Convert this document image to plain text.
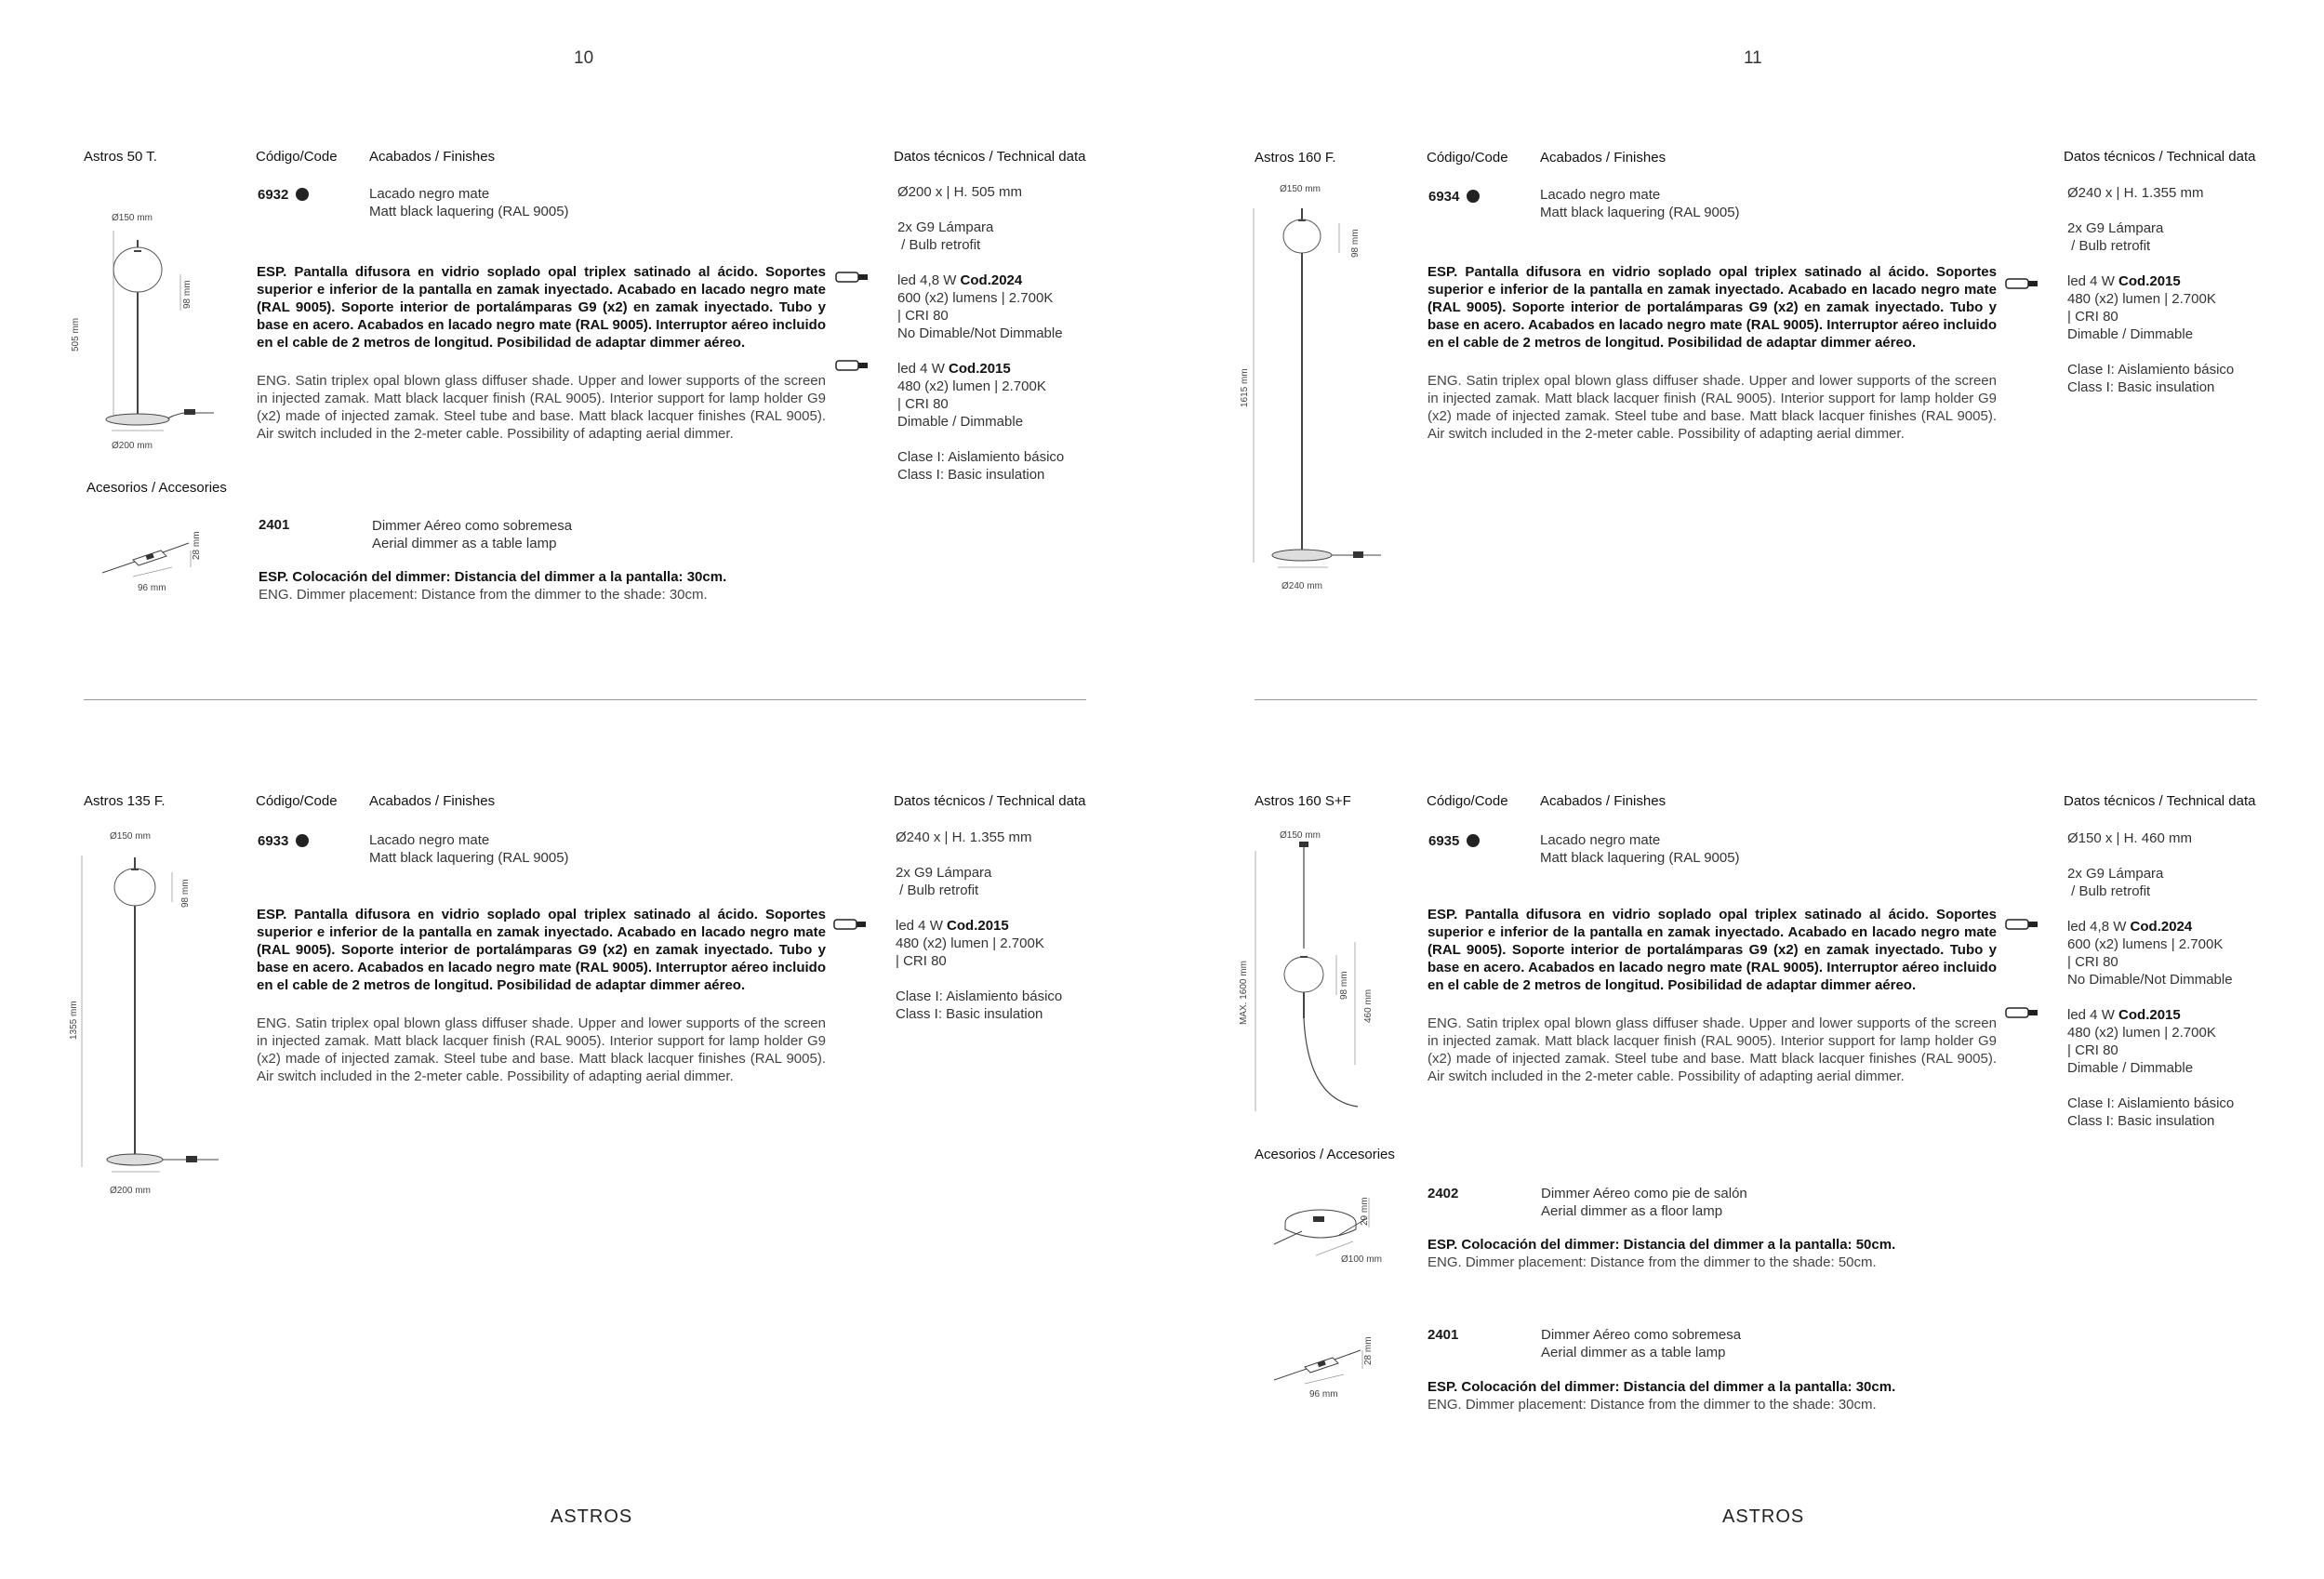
10	11
ASTROS	ASTROS
Astros 50 T.	Código/Code Acabados / Finishes	Datos técnicos / Technical data
6932	Lacado negro mate
Matt black laquering (RAL 9005)
ESP. Pantalla difusora en vidrio soplado opal triplex satinado al ácido. Soportes superior e inferior de la pantalla en zamak inyectado. Acabado en lacado negro mate (RAL 9005). Soporte interior de portalámparas G9 (x2) en zamak inyectado. Tubo y base en acero. Acabados en lacado negro mate (RAL 9005). Interruptor aéreo incluido en el cable de 2 metros de longitud. Posibilidad de adaptar dimmer aéreo.
ENG. Satin triplex opal blown glass diffuser shade. Upper and lower supports of the screen in injected zamak. Matt black lacquer finish (RAL 9005). Interior support for lamp holder G9 (x2) made of injected zamak. Steel tube and base. Matt black lacquer finishes (RAL 9005). Air switch included in the 2-meter cable. Possibility of adapting aerial dimmer.
Ø200 x | H. 505 mm
2x G9 Lámpara
/ Bulb retrofit
led 4,8 W Cod.2024
600 (x2) lumens | 2.700K
| CRI 80
No Dimable/Not Dimmable
led 4 W Cod.2015
480 (x2) lumen | 2.700K
| CRI 80
Dimable / Dimmable
Clase I: Aislamiento básico
Class I: Basic insulation
Ø150 mm
505 mm
98 mm
Ø200 mm
Acesorios / Accesories
2401	Dimmer Aéreo como sobremesa
Aerial dimmer as a table lamp
ESP. Colocación del dimmer: Distancia del dimmer a la pantalla: 30cm.
ENG. Dimmer placement: Distance from the dimmer to the shade: 30cm.
28 mm
96 mm
Astros 135 F.	Código/Code Acabados / Finishes	Datos técnicos / Technical data
6933	Lacado negro mate
Matt black laquering (RAL 9005)
ESP. Pantalla difusora en vidrio soplado opal triplex satinado al ácido. Soportes superior e inferior de la pantalla en zamak inyectado. Acabado en lacado negro mate (RAL 9005). Soporte interior de portalámparas G9 (x2) en zamak inyectado. Tubo y base en acero. Acabados en lacado negro mate (RAL 9005). Interruptor aéreo incluido en el cable de 2 metros de longitud. Posibilidad de adaptar dimmer aéreo.
ENG. Satin triplex opal blown glass diffuser shade. Upper and lower supports of the screen in injected zamak. Matt black lacquer finish (RAL 9005). Interior support for lamp holder G9 (x2) made of injected zamak. Steel tube and base. Matt black lacquer finishes (RAL 9005). Air switch included in the 2-meter cable. Possibility of adapting aerial dimmer.
Ø240 x | H. 1.355 mm
2x G9 Lámpara
/ Bulb retrofit
led 4 W Cod.2015
480 (x2) lumen | 2.700K
| CRI 80
Clase I: Aislamiento básico
Class I: Basic insulation
Ø150 mm
1355 mm
98 mm
Ø200 mm
Astros 160 F.	Código/Code Acabados / Finishes	Datos técnicos / Technical data
6934	Lacado negro mate
Matt black laquering (RAL 9005)
ESP. Pantalla difusora en vidrio soplado opal triplex satinado al ácido. Soportes superior e inferior de la pantalla en zamak inyectado. Acabado en lacado negro mate (RAL 9005). Soporte interior de portalámparas G9 (x2) en zamak inyectado. Tubo y base en acero. Acabados en lacado negro mate (RAL 9005). Interruptor aéreo incluido en el cable de 2 metros de longitud. Posibilidad de adaptar dimmer aéreo.
ENG. Satin triplex opal blown glass diffuser shade. Upper and lower supports of the screen in injected zamak. Matt black lacquer finish (RAL 9005). Interior support for lamp holder G9 (x2) made of injected zamak. Steel tube and base. Matt black lacquer finishes (RAL 9005). Air switch included in the 2-meter cable. Possibility of adapting aerial dimmer.
Ø240 x | H. 1.355 mm
2x G9 Lámpara
/ Bulb retrofit
led 4 W Cod.2015
480 (x2) lumen | 2.700K
| CRI 80
Dimable / Dimmable
Clase I: Aislamiento básico
Class I: Basic insulation
Ø150 mm
1615 mm
98 mm
Ø240 mm
Astros 160 S+F	Código/Code Acabados / Finishes	Datos técnicos / Technical data
6935	Lacado negro mate
Matt black laquering (RAL 9005)
ESP. Pantalla difusora en vidrio soplado opal triplex satinado al ácido. Soportes superior e inferior de la pantalla en zamak inyectado. Acabado en lacado negro mate (RAL 9005). Soporte interior de portalámparas G9 (x2) en zamak inyectado. Tubo y base en acero. Acabados en lacado negro mate (RAL 9005). Interruptor aéreo incluido en el cable de 2 metros de longitud. Posibilidad de adaptar dimmer aéreo.
ENG. Satin triplex opal blown glass diffuser shade. Upper and lower supports of the screen in injected zamak. Matt black lacquer finish (RAL 9005). Interior support for lamp holder G9 (x2) made of injected zamak. Steel tube and base. Matt black lacquer finishes (RAL 9005). Air switch included in the 2-meter cable. Possibility of adapting aerial dimmer.
Ø150 x | H. 460 mm
2x G9 Lámpara
/ Bulb retrofit
led 4,8 W Cod.2024
600 (x2) lumens | 2.700K
| CRI 80
No Dimable/Not Dimmable
led 4 W Cod.2015
480 (x2) lumen | 2.700K
| CRI 80
Dimable / Dimmable
Clase I: Aislamiento básico
Class I: Basic insulation
Ø150 mm
MAX. 1600 mm	98 mm
460 mm
Acesorios / Accesories
2402	Dimmer Aéreo como pie de salón
Aerial dimmer as a floor lamp
ESP. Colocación del dimmer: Distancia del dimmer a la pantalla: 50cm.
ENG. Dimmer placement: Distance from the dimmer to the shade: 50cm.
29 mm
Ø100 mm
2401	Dimmer Aéreo como sobremesa
Aerial dimmer as a table lamp
ESP. Colocación del dimmer: Distancia del dimmer a la pantalla: 30cm.
ENG. Dimmer placement: Distance from the dimmer to the shade: 30cm.
28 mm
96 mm
